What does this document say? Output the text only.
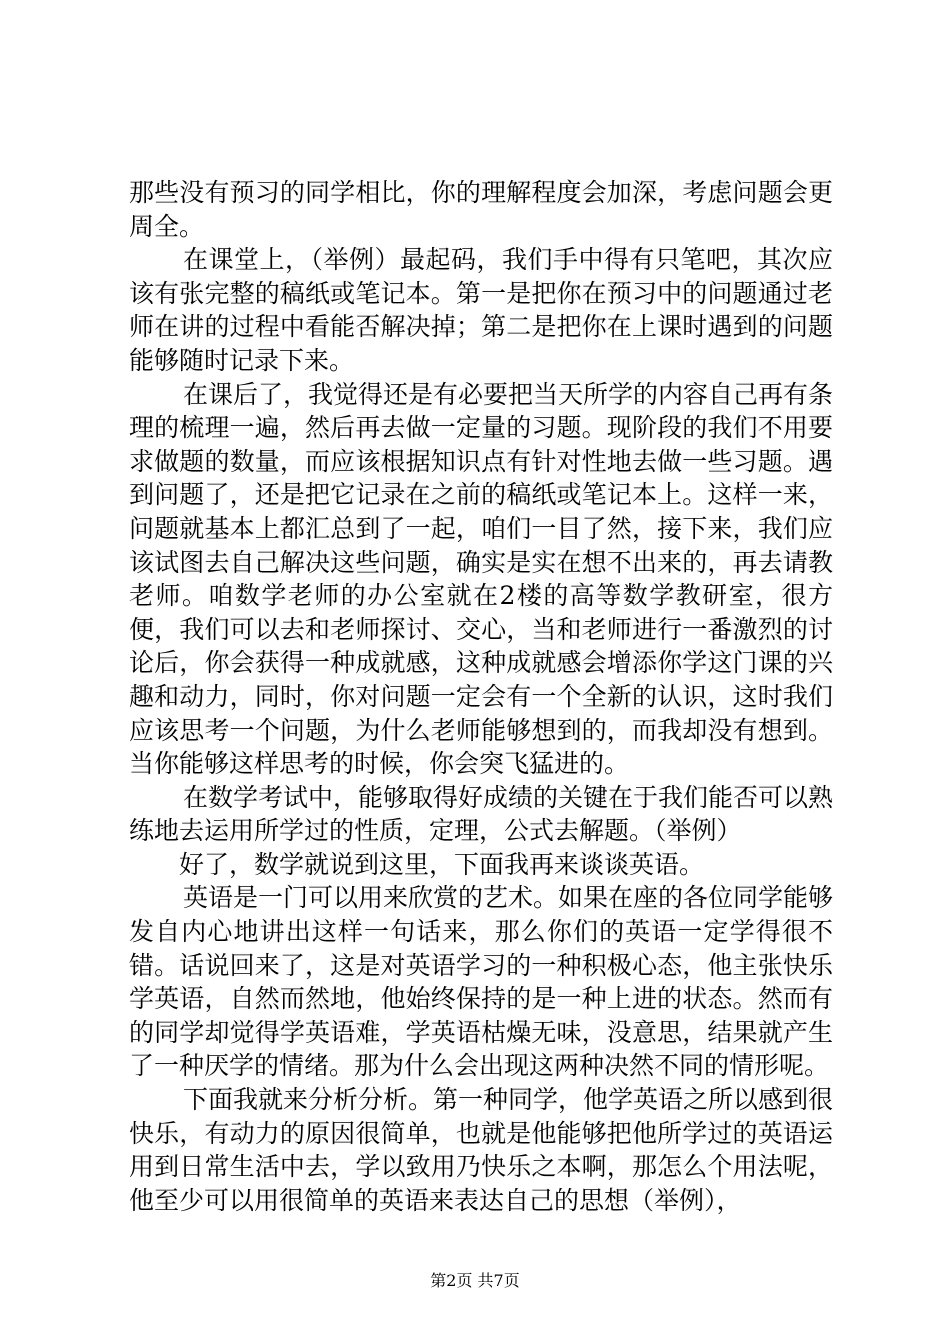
那些没有预习的同学相比，你的理解程度会加深，考虑问题会更周全。

在课堂上，（举例）最起码，我们手中得有只笔吧，其次应该有张完整的稿纸或笔记本。第一是把你在预习中的问题通过老师在讲的过程中看能否解决掉；第二是把你在上课时遇到的问题能够随时记录下来。

在课后了，我觉得还是有必要把当天所学的内容自己再有条理的梳理一遍，然后再去做一定量的习题。现阶段的我们不用要求做题的数量，而应该根据知识点有针对性地去做一些习题。遇到问题了，还是把它记录在之前的稿纸或笔记本上。这样一来，问题就基本上都汇总到了一起，咱们一目了然，接下来，我们应该试图去自己解决这些问题，确实是实在想不出来的，再去请教老师。咱数学老师的办公室就在2楼的高等数学教研室，很方便，我们可以去和老师探讨、交心，当和老师进行一番激烈的讨论后，你会获得一种成就感，这种成就感会增添你学这门课的兴趣和动力，同时，你对问题一定会有一个全新的认识，这时我们应该思考一个问题，为什么老师能够想到的，而我却没有想到。当你能够这样思考的时候，你会突飞猛进的。

在数学考试中，能够取得好成绩的关键在于我们能否可以熟练地去运用所学过的性质，定理，公式去解题。（举例）

好了，数学就说到这里，下面我再来谈谈英语。

英语是一门可以用来欣赏的艺术。如果在座的各位同学能够发自内心地讲出这样一句话来，那么你们的英语一定学得很不错。话说回来了，这是对英语学习的一种积极心态，他主张快乐学英语，自然而然地，他始终保持的是一种上进的状态。然而有的同学却觉得学英语难，学英语枯燥无味，没意思，结果就产生了一种厌学的情绪。那为什么会出现这两种决然不同的情形呢。

下面我就来分析分析。第一种同学，他学英语之所以感到很快乐，有动力的原因很简单，也就是他能够把他所学过的英语运用到日常生活中去，学以致用乃快乐之本啊，那怎么个用法呢，他至少可以用很简单的英语来表达自己的思想（举例），

第2页 共7页
